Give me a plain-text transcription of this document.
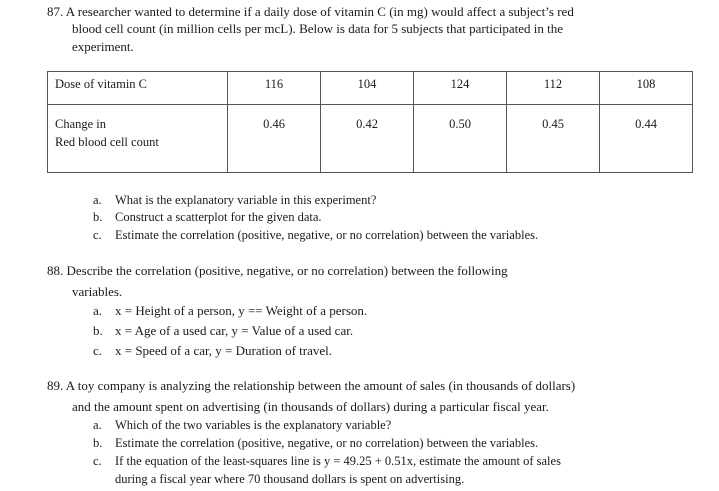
87. A researcher wanted to determine if a daily dose of vitamin C (in mg) would affect a subject’s red
blood cell count (in million cells per mcL). Below is data for 5 subjects that participated in the
experiment.
Dose of vitamin C	116	104	124	112	108

Change in
Red blood cell count	0.46	0.42	0.50	0.45	0.44
a. What is the explanatory variable in this experiment?
b. Construct a scatterplot for the given data.
c. Estimate the correlation (positive, negative, or no correlation) between the variables.
88. Describe the correlation (positive, negative, or no correlation) between the following
variables.
a. x = Height of a person, y == Weight of a person.
b. x = Age of a used car, y = Value of a used car.
c. x = Speed of a car, y = Duration of travel.
89. A toy company is analyzing the relationship between the amount of sales (in thousands of dollars)
and the amount spent on advertising (in thousands of dollars) during a particular fiscal year.
a. Which of the two variables is the explanatory variable?
b. Estimate the correlation (positive, negative, or no correlation) between the variables.
c. If the equation of the least-squares line is y = 49.25 + 0.51x, estimate the amount of sales
during a fiscal year where 70 thousand dollars is spent on advertising.
